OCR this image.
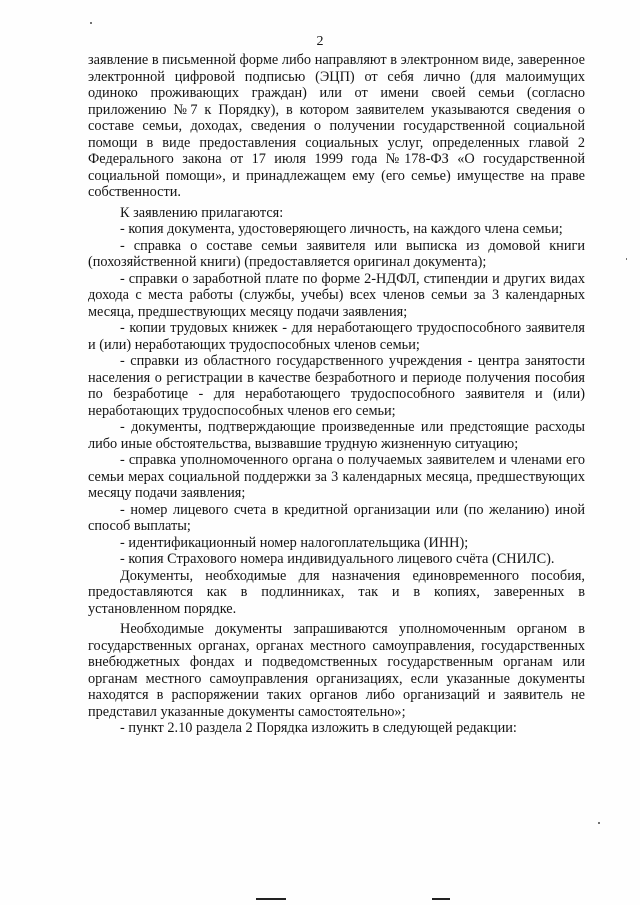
2

заявление в письменной форме либо направляют в электронном виде, заверенное электронной цифровой подписью (ЭЦП) от себя лично (для малоимущих одиноко проживающих граждан) или от имени своей семьи (согласно приложению №7 к Порядку), в котором заявителем указываются сведения о составе семьи, доходах, сведения о получении государственной социальной помощи в виде предоставления социальных услуг, определенных главой 2 Федерального закона от 17 июля 1999 года №178-ФЗ «О государственной социальной помощи», и принадлежащем ему (его семье) имуществе на праве собственности.

К заявлению прилагаются:

- копия документа, удостоверяющего личность, на каждого члена семьи;

- справка о составе семьи заявителя или выписка из домовой книги (похозяйственной книги) (предоставляется оригинал документа);

- справки о заработной плате по форме 2-НДФЛ, стипендии и других видах дохода с места работы (службы, учебы) всех членов семьи за 3 календарных месяца, предшествующих месяцу подачи заявления;

- копии трудовых книжек - для неработающего трудоспособного заявителя и (или) неработающих трудоспособных членов семьи;

- справки из областного государственного учреждения - центра занятости населения о регистрации в качестве безработного и периоде получения пособия по безработице - для неработающего трудоспособного заявителя и (или) неработающих трудоспособных членов его семьи;

- документы, подтверждающие произведенные или предстоящие расходы либо иные обстоятельства, вызвавшие трудную жизненную ситуацию;

- справка уполномоченного органа о получаемых заявителем и членами его семьи мерах социальной поддержки за 3 календарных месяца, предшествующих месяцу подачи заявления;

- номер лицевого счета в кредитной организации или (по желанию) иной способ выплаты;

- идентификационный номер налогоплательщика (ИНН);

- копия Страхового номера индивидуального лицевого счёта (СНИЛС).

Документы, необходимые для назначения единовременного пособия, предоставляются как в подлинниках, так и в копиях, заверенных в установленном порядке.

Необходимые документы запрашиваются уполномоченным органом в государственных органах, органах местного самоуправления, государственных внебюджетных фондах и подведомственных государственным органам или органам местного самоуправления организациях, если указанные документы находятся в распоряжении таких органов либо организаций и заявитель не представил указанные документы самостоятельно»;

- пункт 2.10 раздела 2 Порядка изложить в следующей редакции:
